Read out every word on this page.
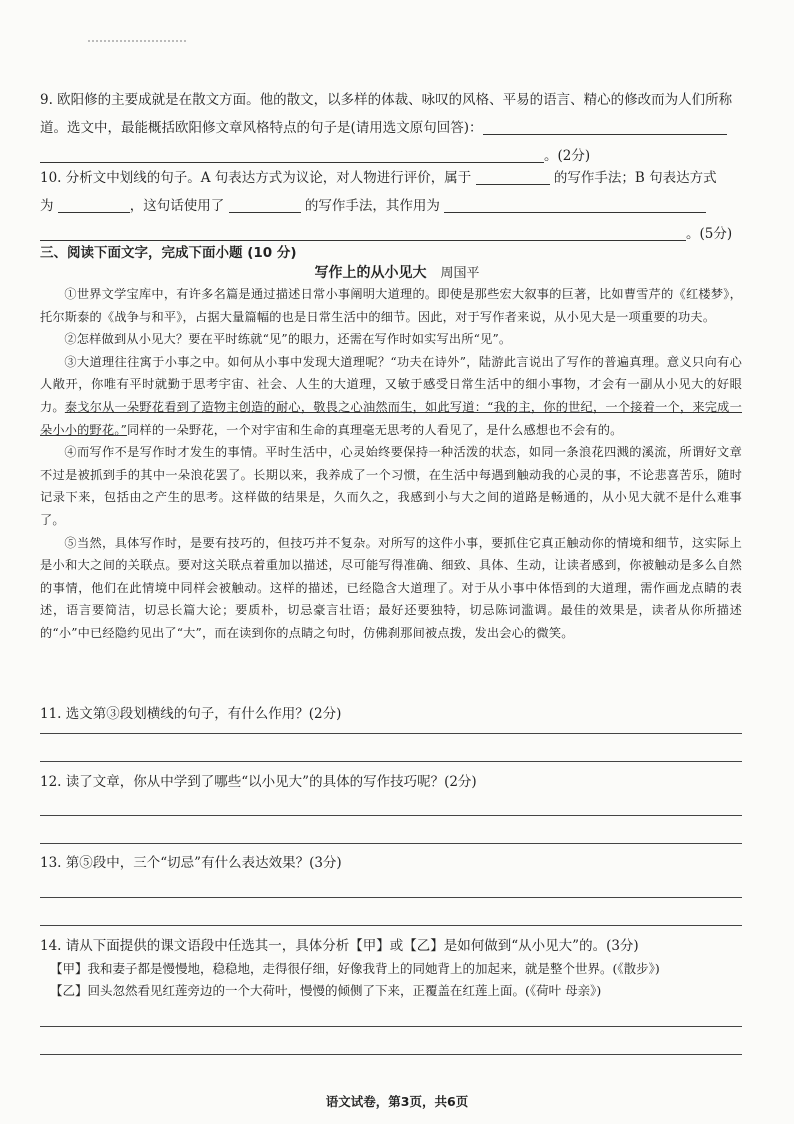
9. 欧阳修的主要成就是在散文方面。他的散文，以多样的体裁、咏叹的风格、平易的语言、精心的修改而为人们所称
道。选文中，最能概括欧阳修文章风格特点的句子是(请用选文原句回答)：
。(2分)
10. 分析文中划线的句子。A 句表达方式为议论，对人物进行评价，属于	的写作手法；B 句表达方式
为	，这句话使用了	的写作手法，其作用为
。(5分)
三、阅读下面文字，完成下面小题 (10 分)
写作上的从小见大 周国平

①世界文学宝库中，有许多名篇是通过描述日常小事阐明大道理的。即使是那些宏大叙事的巨著，比如曹雪芹的《红楼梦》，托尔斯泰的《战争与和平》，占据大量篇幅的也是日常生活中的细节。因此，对于写作者来说，从小见大是一项重要的功夫。

②怎样做到从小见大？要在平时练就“见”的眼力，还需在写作时如实写出所“见”。

③大道理往往寓于小事之中。如何从小事中发现大道理呢？“功夫在诗外”，陆游此言说出了写作的普遍真理。意义只向有心人敞开，你唯有平时就勤于思考宇宙、社会、人生的大道理，又敏于感受日常生活中的细小事物，才会有一副从小见大的好眼力。泰戈尔从一朵野花看到了造物主创造的耐心，敬畏之心油然而生，如此写道：“我的主，你的世纪，一个接着一个，来完成一朵小小的野花。”同样的一朵野花，一个对宇宙和生命的真理毫无思考的人看见了，是什么感想也不会有的。

④而写作不是写作时才发生的事情。平时生活中，心灵始终要保持一种活泼的状态，如同一条浪花四溅的溪流，所谓好文章不过是被抓到手的其中一朵浪花罢了。长期以来，我养成了一个习惯，在生活中每遇到触动我的心灵的事，不论悲喜苦乐，随时记录下来，包括由之产生的思考。这样做的结果是，久而久之，我感到小与大之间的道路是畅通的，从小见大就不是什么难事了。

⑤当然，具体写作时，是要有技巧的，但技巧并不复杂。对所写的这件小事，要抓住它真正触动你的情境和细节，这实际上是小和大之间的关联点。要对这关联点着重加以描述，尽可能写得准确、细致、具体、生动，让读者感到，你被触动是多么自然的事情，他们在此情境中同样会被触动。这样的描述，已经隐含大道理了。对于从小事中体悟到的大道理，需作画龙点睛的表述，语言要简洁，切忌长篇大论；要质朴，切忌豪言壮语；最好还要独特，切忌陈词滥调。最佳的效果是，读者从你所描述的“小”中已经隐约见出了“大”，而在读到你的点睛之句时，仿佛刹那间被点拨，发出会心的微笑。

11. 选文第③段划横线的句子，有什么作用？(2分)
12. 读了文章，你从中学到了哪些“以小见大”的具体的写作技巧呢？(2分)
13. 第⑤段中，三个“切忌”有什么表达效果？(3分)
14. 请从下面提供的课文语段中任选其一，具体分析【甲】或【乙】是如何做到“从小见大”的。(3分)
【甲】我和妻子都是慢慢地，稳稳地，走得很仔细，好像我背上的同她背上的加起来，就是整个世界。(《散步》)
【乙】回头忽然看见红莲旁边的一个大荷叶，慢慢的倾侧了下来，正覆盖在红莲上面。(《荷叶 母亲》)
语文试卷，第3页，共6页
